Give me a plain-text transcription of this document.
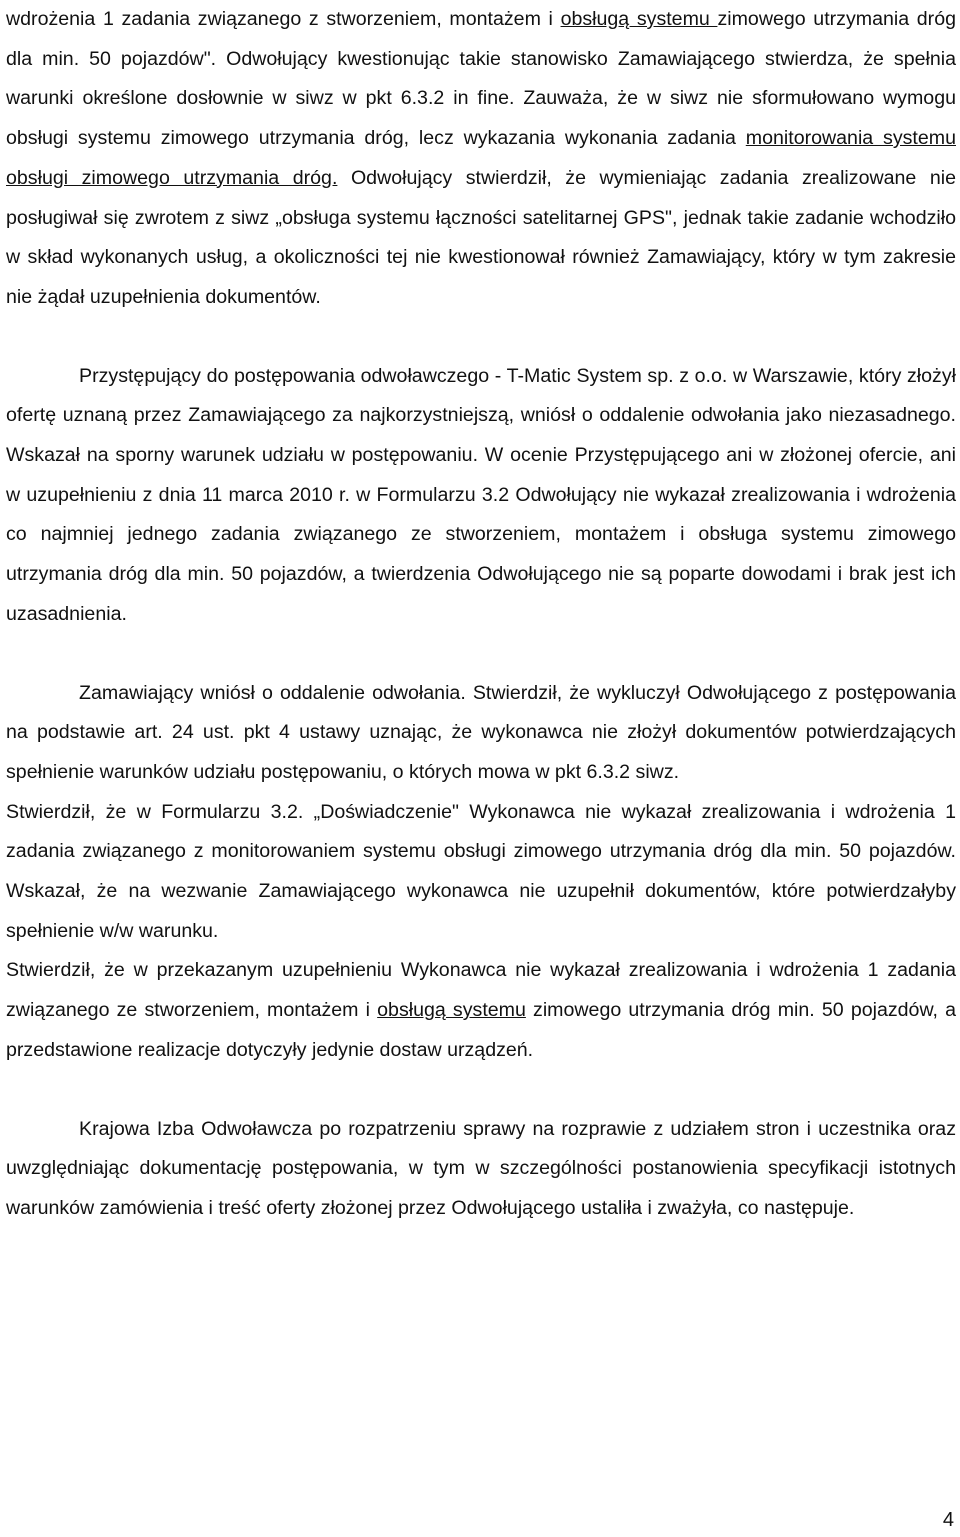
wdrożenia 1 zadania związanego z stworzeniem, montażem i obsługą systemu zimowego utrzymania dróg dla min. 50 pojazdów". Odwołujący kwestionując takie stanowisko Zamawiającego stwierdza, że spełnia warunki określone dosłownie w siwz w pkt 6.3.2 in fine. Zauważa, że w siwz nie sformułowano wymogu obsługi systemu zimowego utrzymania dróg, lecz wykazania wykonania zadania monitorowania systemu obsługi zimowego utrzymania dróg. Odwołujący stwierdził, że wymieniając zadania zrealizowane nie posługiwał się zwrotem z siwz „obsługa systemu łączności satelitarnej GPS", jednak takie zadanie wchodziło w skład wykonanych usług, a okoliczności tej nie kwestionował również Zamawiający, który w tym zakresie nie żądał uzupełnienia dokumentów.

Przystępujący do postępowania odwoławczego - T-Matic System sp. z o.o. w Warszawie, który złożył ofertę uznaną przez Zamawiającego za najkorzystniejszą, wniósł o oddalenie odwołania jako niezasadnego. Wskazał na sporny warunek udziału w postępowaniu. W ocenie Przystępującego ani w złożonej ofercie, ani w uzupełnieniu z dnia 11 marca 2010 r. w Formularzu 3.2 Odwołujący nie wykazał zrealizowania i wdrożenia co najmniej jednego zadania związanego ze stworzeniem, montażem i obsługa systemu zimowego utrzymania dróg dla min. 50 pojazdów, a twierdzenia Odwołującego nie są poparte dowodami i brak jest ich uzasadnienia.

Zamawiający wniósł o oddalenie odwołania. Stwierdził, że wykluczył Odwołującego z postępowania na podstawie art. 24 ust. pkt 4 ustawy uznając, że wykonawca nie złożył dokumentów potwierdzających spełnienie warunków udziału postępowaniu, o których mowa w pkt 6.3.2 siwz.

Stwierdził, że w Formularzu 3.2. „Doświadczenie" Wykonawca nie wykazał zrealizowania i wdrożenia 1 zadania związanego z monitorowaniem systemu obsługi zimowego utrzymania dróg dla min. 50 pojazdów. Wskazał, że na wezwanie Zamawiającego wykonawca nie uzupełnił dokumentów, które potwierdzałyby spełnienie w/w warunku.

Stwierdził, że w przekazanym uzupełnieniu Wykonawca nie wykazał zrealizowania i wdrożenia 1 zadania związanego ze stworzeniem, montażem i obsługą systemu zimowego utrzymania dróg min. 50 pojazdów, a przedstawione realizacje dotyczyły jedynie dostaw urządzeń.

Krajowa Izba Odwoławcza po rozpatrzeniu sprawy na rozprawie z udziałem stron i uczestnika oraz uwzględniając dokumentację postępowania, w tym w szczególności postanowienia specyfikacji istotnych warunków zamówienia i treść oferty złożonej przez Odwołującego ustaliła i zważyła, co następuje.

4
